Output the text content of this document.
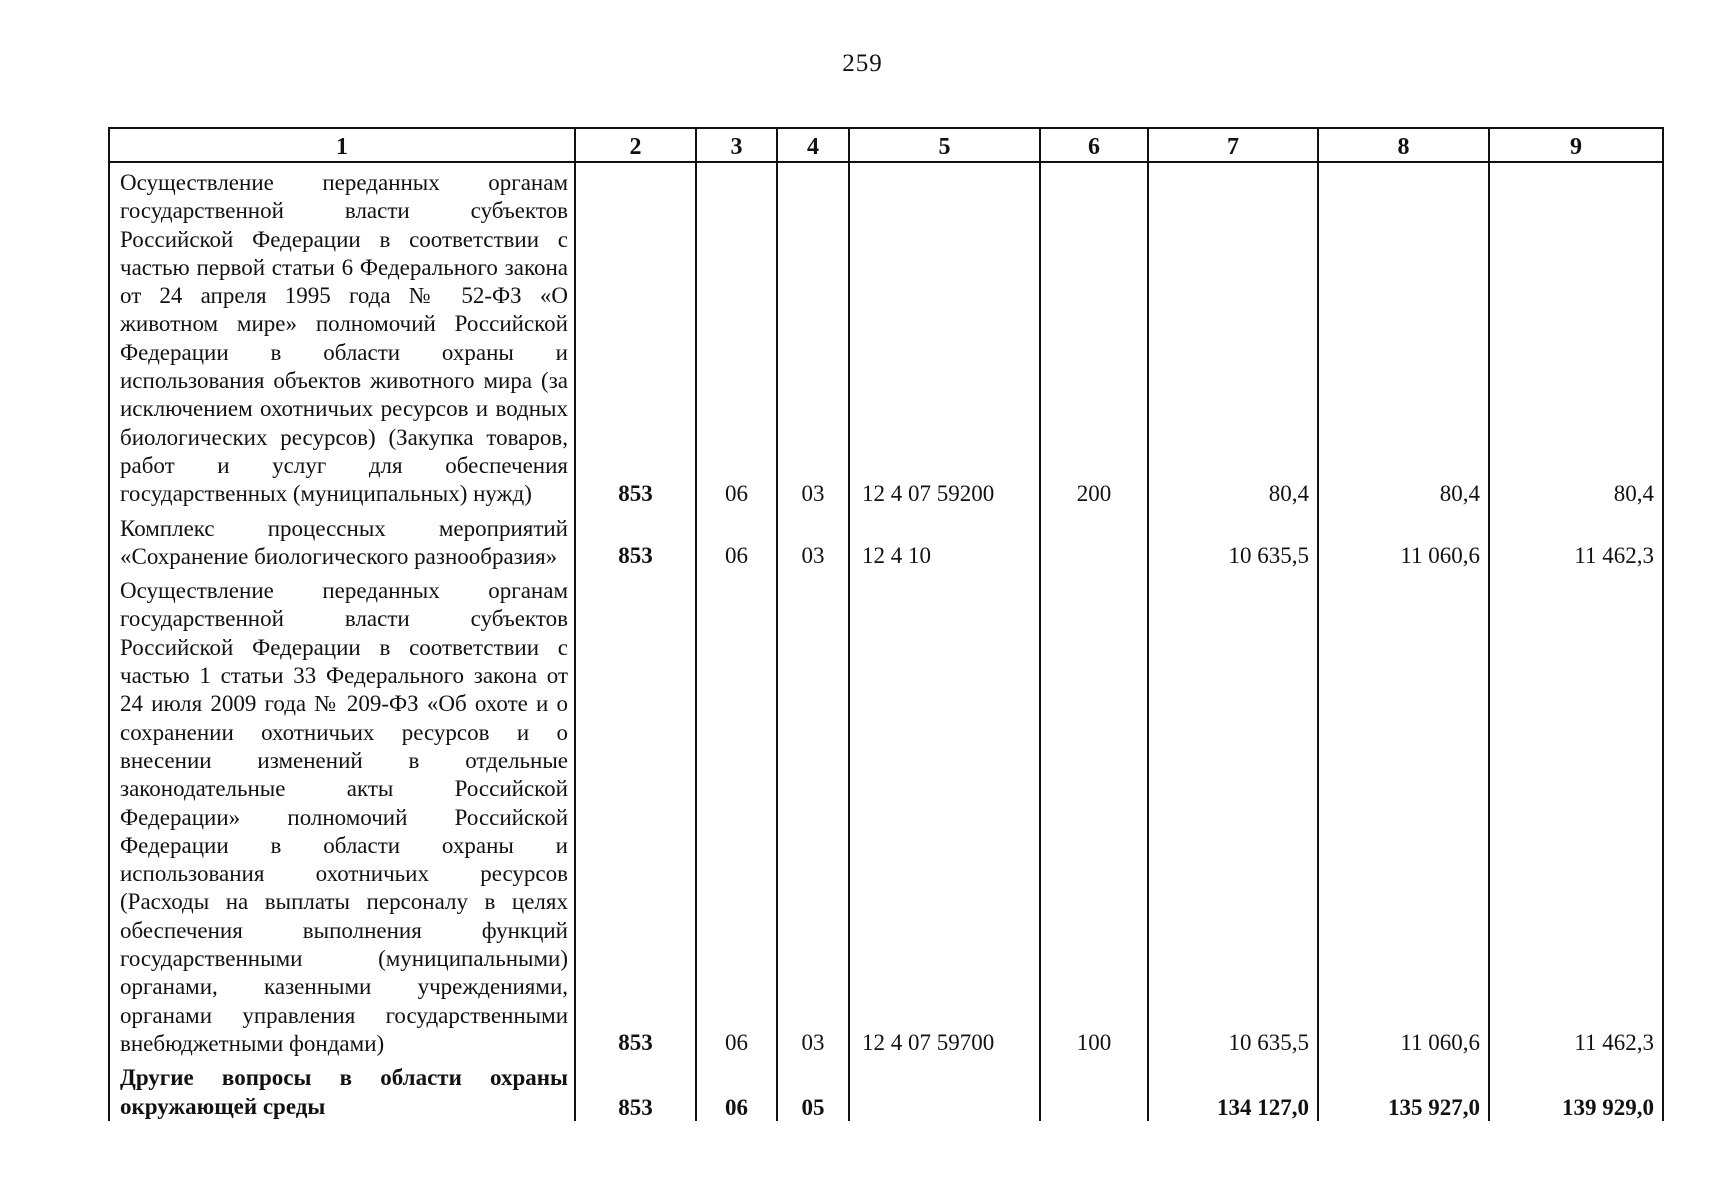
259
1	2	3	4	5	6	7	8	9

Осуществление переданных органам государственной власти субъектов Российской Федерации в соответствии с частью первой статьи 6 Федерального закона от 24 апреля 1995 года № 52-ФЗ «О животном мире» полномочий Российской Федерации в области охраны и использования объектов животного мира (за исключением охотничьих ресурсов и водных биологических ресурсов) (Закупка товаров, работ и услуг для обеспечения государственных (муниципальных) нужд)	853	06	03	12 4 07 59200	200	80,4	80,4	80,4

Комплекс процессных мероприятий «Сохранение биологического разнообразия»	853	06	03	12 4 10		10 635,5	11 060,6	11 462,3

Осуществление переданных органам государственной власти субъектов Российской Федерации в соответствии с частью 1 статьи 33 Федерального закона от 24 июля 2009 года № 209-ФЗ «Об охоте и о сохранении охотничьих ресурсов и о внесении изменений в отдельные законодательные акты Российской Федерации» полномочий Российской Федерации в области охраны и использования охотничьих ресурсов (Расходы на выплаты персоналу в целях обеспечения выполнения функций государственными (муниципальными) органами, казенными учреждениями, органами управления государственными внебюджетными фондами)	853	06	03	12 4 07 59700	100	10 635,5	11 060,6	11 462,3

Другие вопросы в области охраны окружающей среды	853	06	05			134 127,0	135 927,0	139 929,0
